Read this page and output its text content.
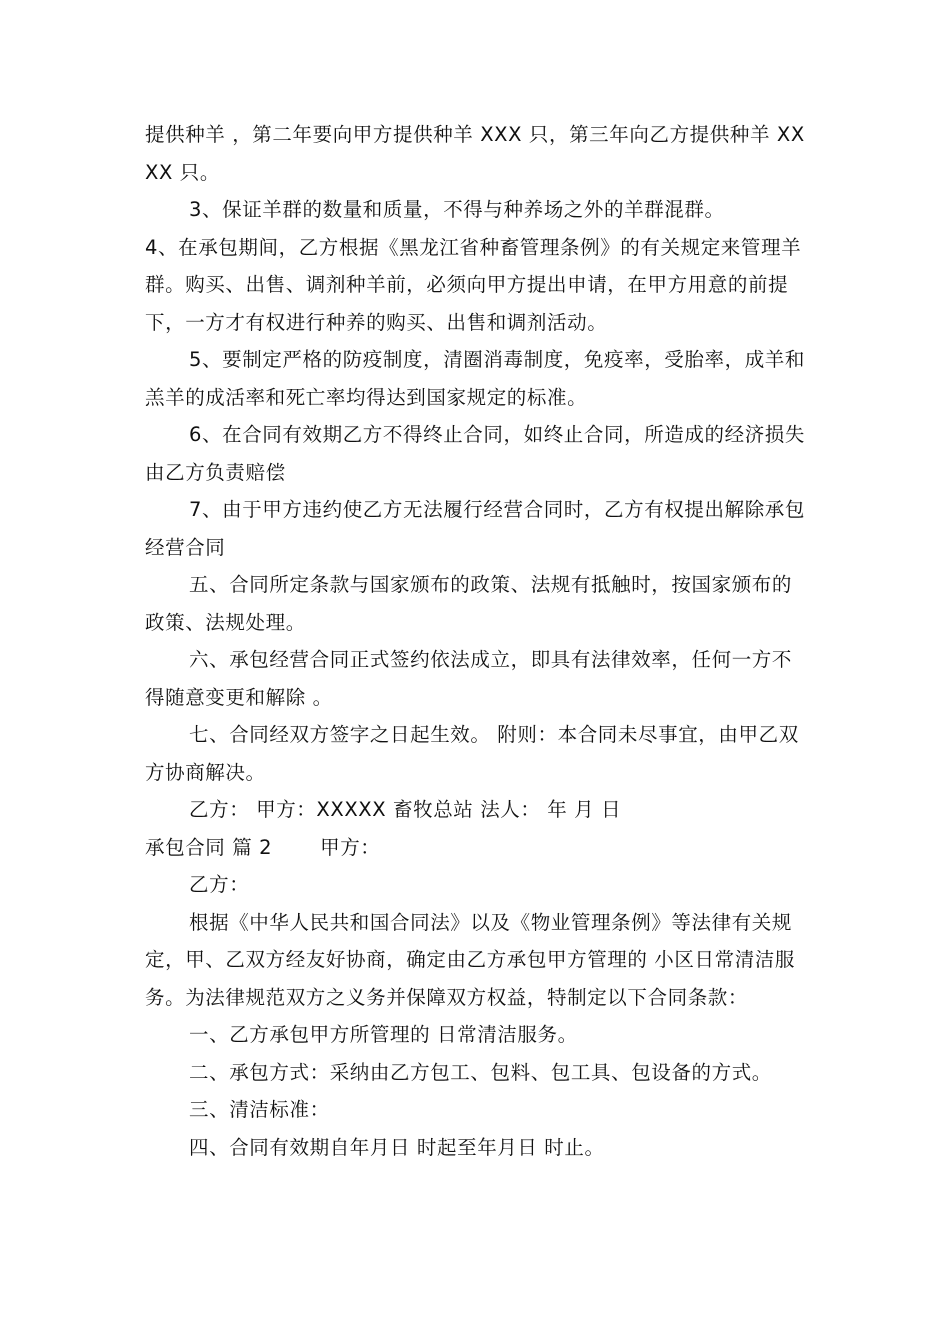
提供种羊 ，第二年要向甲方提供种羊 XXX 只，第三年向乙方提供种羊 XXXX 只。

3、保证羊群的数量和质量，不得与种养场之外的羊群混群。

4、在承包期间，乙方根据《黑龙江省种畜管理条例》的有关规定来管理羊群。购买、出售、调剂种羊前，必须向甲方提出申请，在甲方用意的前提下，一方才有权进行种养的购买、出售和调剂活动。

5、要制定严格的防疫制度，清圈消毒制度，免疫率，受胎率，成羊和羔羊的成活率和死亡率均得达到国家规定的标准。

6、在合同有效期乙方不得终止合同，如终止合同，所造成的经济损失由乙方负责赔偿

7、由于甲方违约使乙方无法履行经营合同时，乙方有权提出解除承包经营合同

五、合同所定条款与国家颁布的政策、法规有抵触时，按国家颁布的政策、法规处理。

六、承包经营合同正式签约依法成立，即具有法律效率，任何一方不得随意变更和解除 。

七、合同经双方签字之日起生效。 附则：本合同未尽事宜，由甲乙双方协商解决。

乙方： 甲方：XXXXX 畜牧总站 法人： 年 月 日

承包合同 篇 2 甲方：

乙方：

根据《中华人民共和国合同法》以及《物业管理条例》等法律有关规定，甲、乙双方经友好协商，确定由乙方承包甲方管理的 小区日常清洁服务。为法律规范双方之义务并保障双方权益，特制定以下合同条款：

一、乙方承包甲方所管理的 日常清洁服务。

二、承包方式：采纳由乙方包工、包料、包工具、包设备的方式。

三、清洁标准：

四、合同有效期自年月日 时起至年月日 时止。
